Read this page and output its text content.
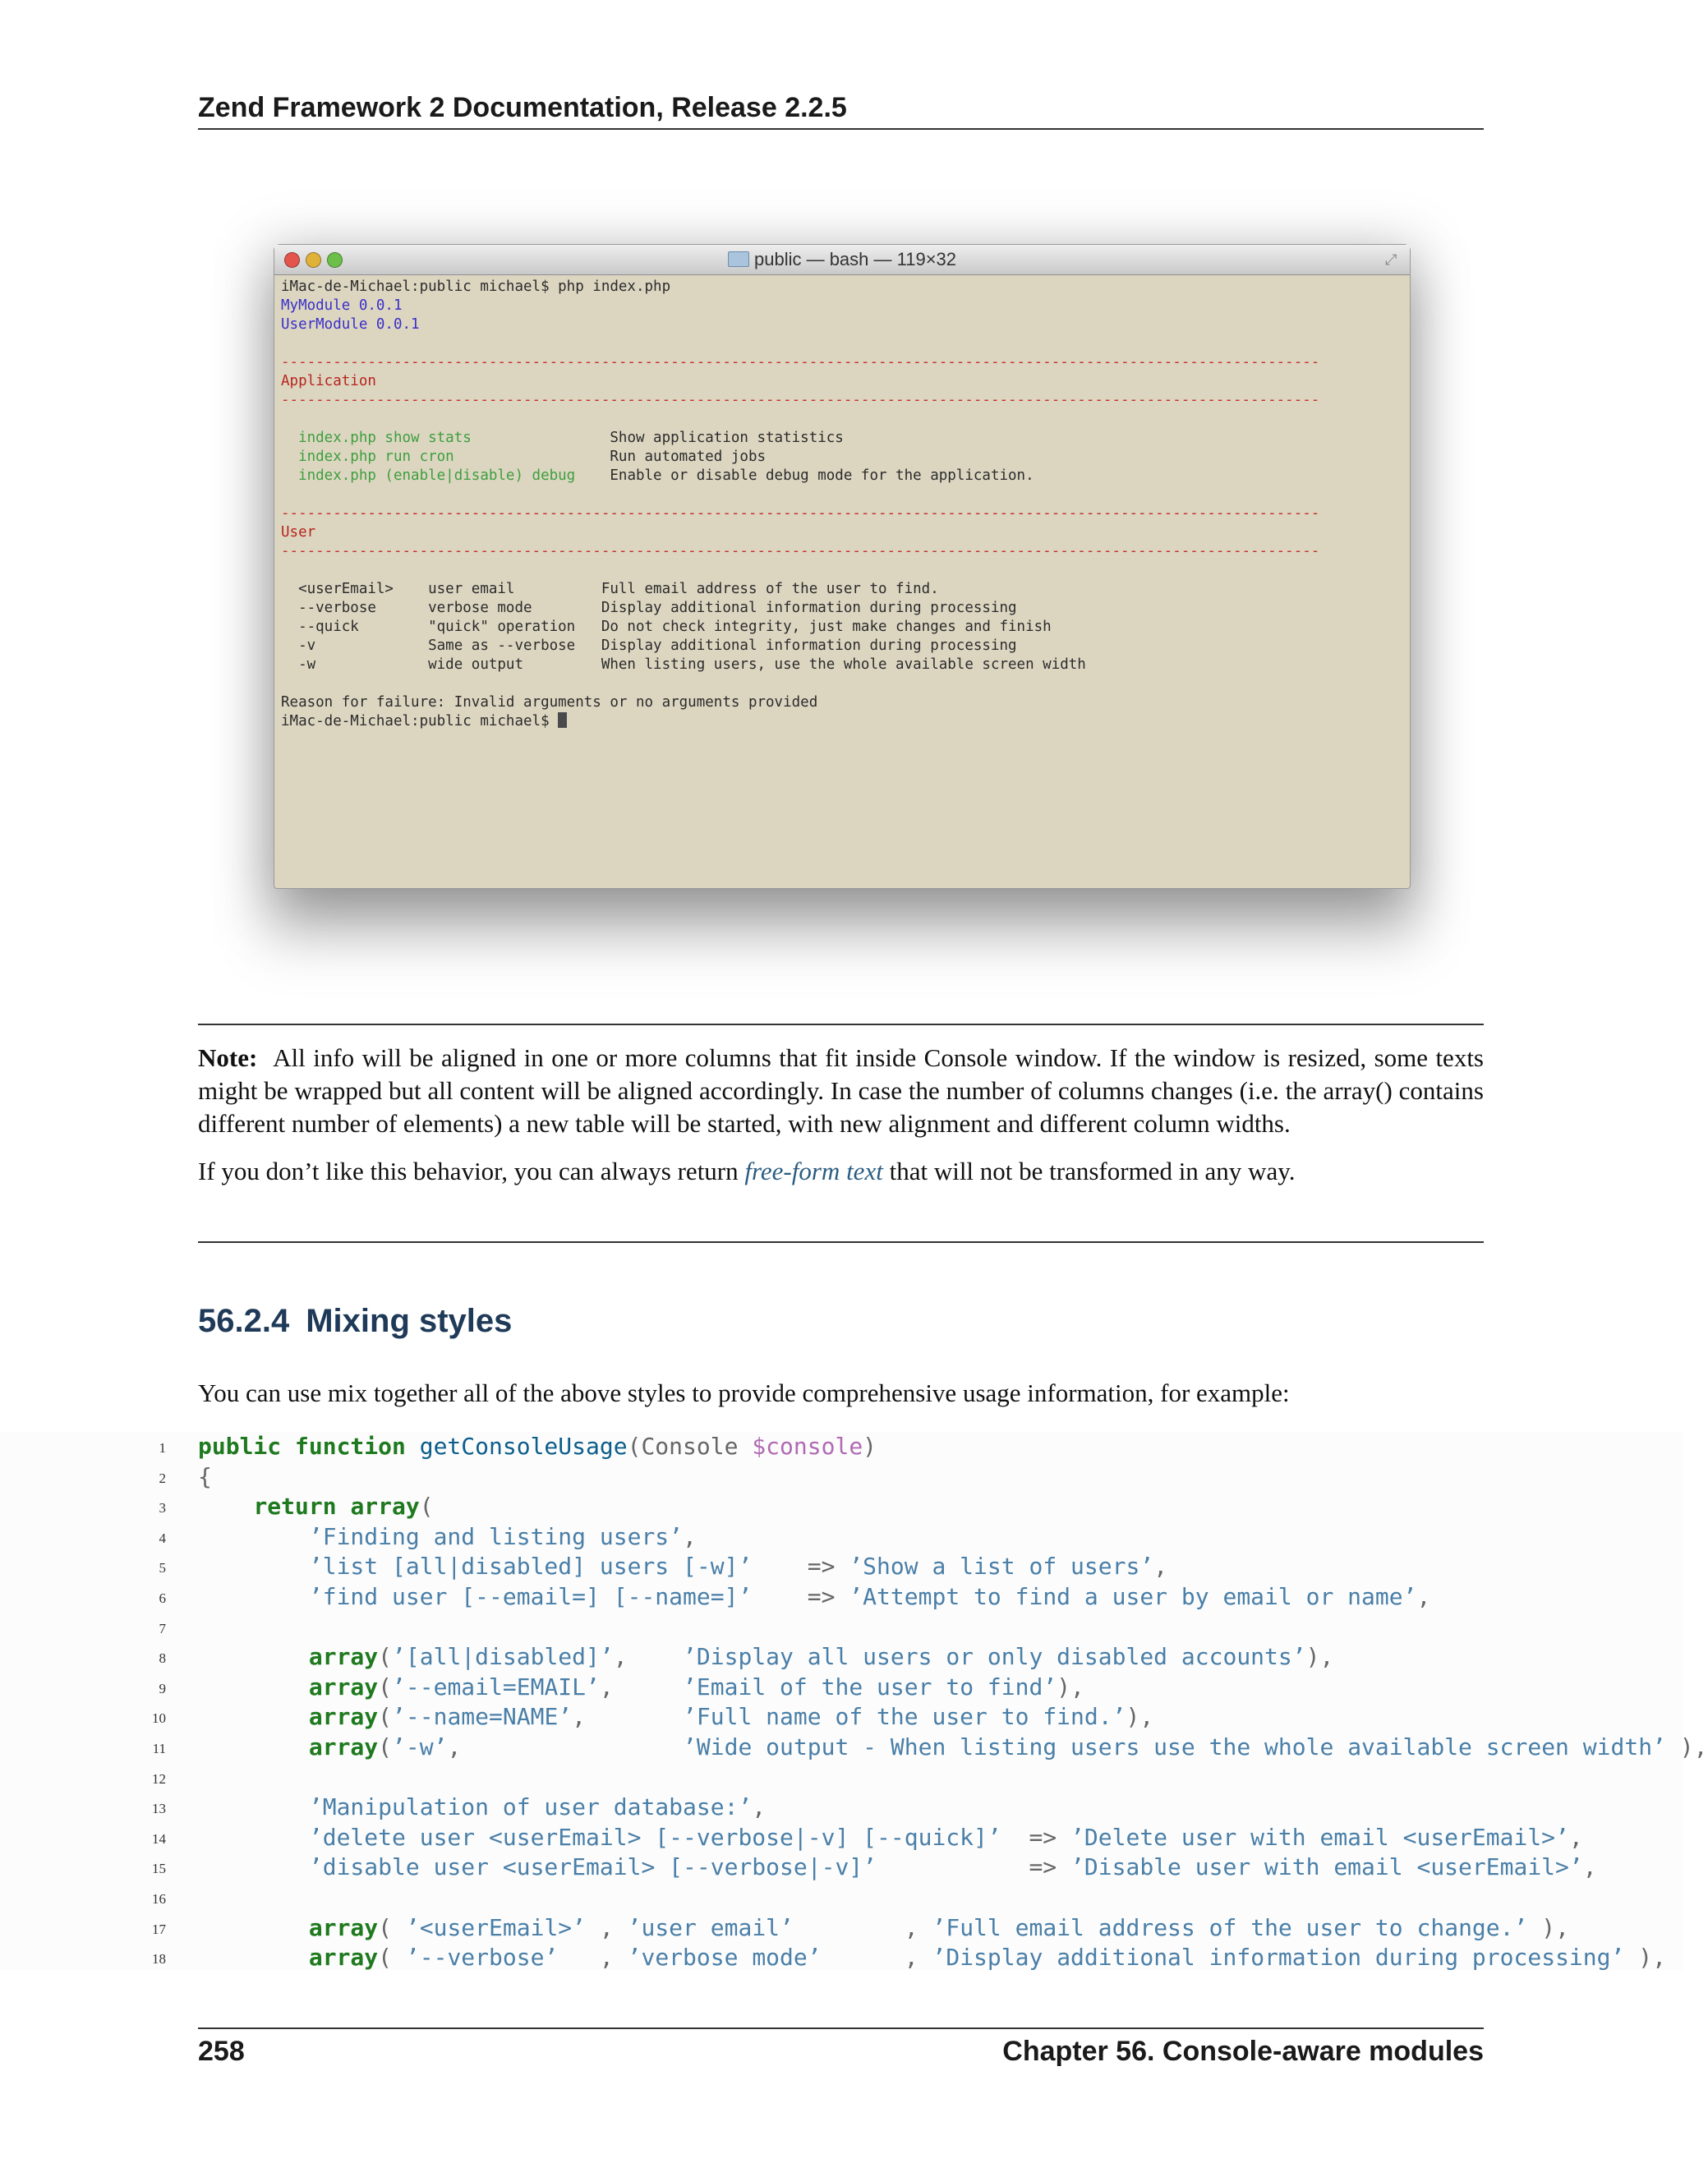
Zend Framework 2 Documentation, Release 2.2.5
public — bash — 119×32	⤢
iMac-de-Michael:public michael$ php index.php
MyModule 0.0.1
UserModule 0.0.1
------------------------------------------------------------------------------------------------------------------------
Application
------------------------------------------------------------------------------------------------------------------------
index.php show stats                Show application statistics
index.php run cron                  Run automated jobs
index.php (enable|disable) debug    Enable or disable debug mode for the application.
------------------------------------------------------------------------------------------------------------------------
User
------------------------------------------------------------------------------------------------------------------------
<userEmail>    user email          Full email address of the user to find.
--verbose      verbose mode        Display additional information during processing
--quick        "quick" operation   Do not check integrity, just make changes and finish
-v             Same as --verbose   Display additional information during processing
-w             wide output         When listing users, use the whole available screen width
Reason for failure: Invalid arguments or no arguments provided
iMac-de-Michael:public michael$

Note: All info will be aligned in one or more columns that fit inside Console window. If the window is resized, some texts might be wrapped but all content will be aligned accordingly. In case the number of columns changes (i.e. the array() contains different number of elements) a new table will be started, with new alignment and different column widths.

If you don’t like this behavior, you can always return free-form text that will not be transformed in any way.

56.2.4 Mixing styles
You can use mix together all of the above styles to provide comprehensive usage information, for example:
1 public function getConsoleUsage(Console $console)
2 {
3	return array(
4	’Finding and listing users’,
5	’list [all|disabled] users [-w]’    => ’Show a list of users’,
6	’find user [--email=] [--name=]’    => ’Attempt to find a user by email or name’,
7
8	array(’[all|disabled]’,    ’Display all users or only disabled accounts’),
9	array(’--email=EMAIL’,     ’Email of the user to find’),
10	array(’--name=NAME’,       ’Full name of the user to find.’),
11	array(’-w’,                ’Wide output - When listing users use the whole available screen width’ ),
12
13	’Manipulation of user database:’,
14	’delete user <userEmail> [--verbose|-v] [--quick]’  => ’Delete user with email <userEmail>’,
15	’disable user <userEmail> [--verbose|-v]’           => ’Disable user with email <userEmail>’,
16
17	array( ’<userEmail>’ , ’user email’        , ’Full email address of the user to change.’ ),
18	array( ’--verbose’   , ’verbose mode’      , ’Display additional information during processing’ ),
258	Chapter 56. Console-aware modules
